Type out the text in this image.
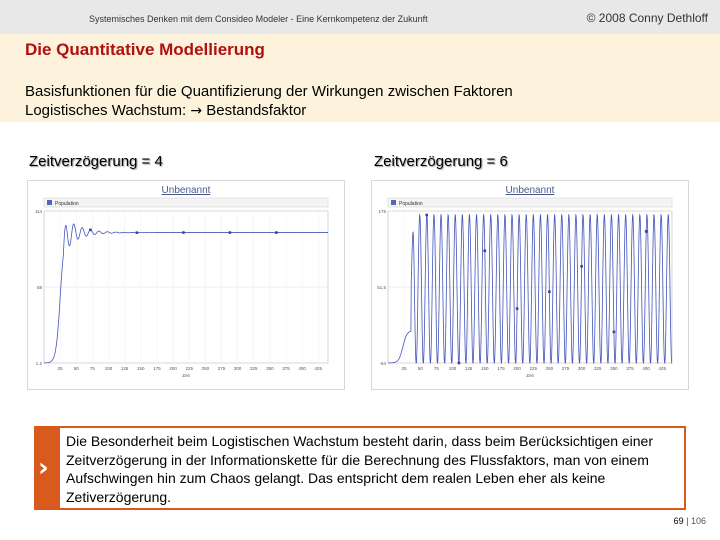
Systemisches Denken mit dem Consideo Modeler - Eine Kernkompetenz der Zukunft	© 2008 Conny Dethloff
Die Quantitative Modellierung
Basisfunktionen für die Quantifizierung der Wirkungen zwischen Faktoren
Logistisches Wachstum: → Bestandsfaktor
Zeitverzögerung = 4	Zeitverzögerung = 6
Unbenannt
Population
114
58
1.2
25 50 75 100 125 150 175 200 225 250 275 300 325 350 375 400 425
Zeit
Unbenannt
Population
175
51.5
-64
25 50 75 100 125 150 175 200 225 250 275 300 325 350 375 400 425
Zeit
›
Die Besonderheit beim Logistischen Wachstum besteht darin, dass beim Berücksichtigen einer Zeitverzögerung in der Informationskette für die Berechnung des Flussfaktors, man von einem Aufschwingen hin zum Chaos gelangt. Das entspricht dem realen Leben eher als keine Zetiverzögerung.
69 | 106
